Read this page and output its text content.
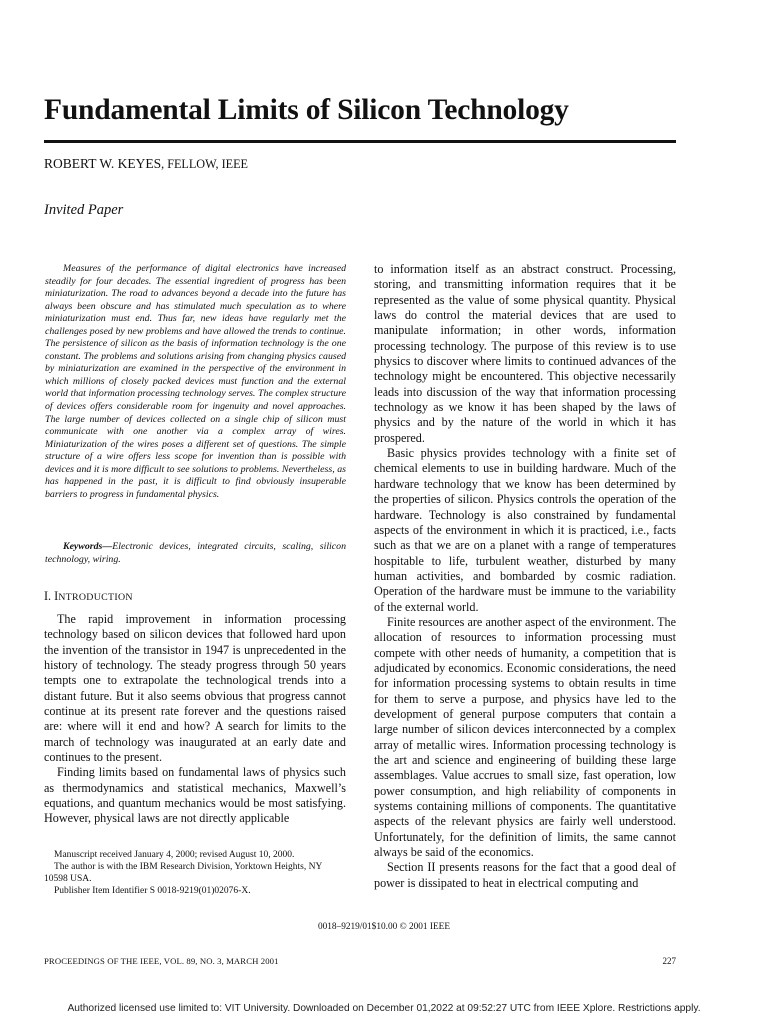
Fundamental Limits of Silicon Technology
ROBERT W. KEYES, FELLOW, IEEE
Invited Paper

Measures of the performance of digital electronics have increased steadily for four decades. The essential ingredient of progress has been miniaturization. The road to advances beyond a decade into the future has always been obscure and has stimulated much speculation as to where miniaturization must end. Thus far, new ideas have regularly met the challenges posed by new problems and have allowed the trends to continue. The persistence of silicon as the basis of information technology is the one constant. The problems and solutions arising from changing physics caused by miniaturization are examined in the perspective of the environment in which millions of closely packed devices must function and the external world that information processing technology serves. The complex structure of devices offers considerable room for ingenuity and novel approaches. The large number of devices collected on a single chip of silicon must communicate with one another via a complex array of wires. Miniaturization of the wires poses a different set of questions. The simple structure of a wire offers less scope for invention than is possible with devices and it is more difficult to see solutions to problems. Nevertheless, as has happened in the past, it is difficult to find obviously insuperable barriers to progress in fundamental physics.

Keywords—Electronic devices, integrated circuits, scaling, silicon technology, wiring.

I. INTRODUCTION

The rapid improvement in information processing technology based on silicon devices that followed hard upon the invention of the transistor in 1947 is unprecedented in the history of technology. The steady progress through 50 years tempts one to extrapolate the technological trends into a distant future. But it also seems obvious that progress cannot continue at its present rate forever and the questions raised are: where will it end and how? A search for limits to the march of technology was inaugurated at an early date and continues to the present.

Finding limits based on fundamental laws of physics such as thermodynamics and statistical mechanics, Maxwell’s equations, and quantum mechanics would be most satisfying. However, physical laws are not directly applicable

to information itself as an abstract construct. Processing, storing, and transmitting information requires that it be represented as the value of some physical quantity. Physical laws do control the material devices that are used to manipulate information; in other words, information processing technology. The purpose of this review is to use physics to discover where limits to continued advances of the technology might be encountered. This objective necessarily leads into discussion of the way that information processing technology as we know it has been shaped by the laws of physics and by the nature of the world in which it has prospered.

Basic physics provides technology with a finite set of chemical elements to use in building hardware. Much of the hardware technology that we know has been determined by the properties of silicon. Physics controls the operation of the hardware. Technology is also constrained by fundamental aspects of the environment in which it is practiced, i.e., facts such as that we are on a planet with a range of temperatures hospitable to life, turbulent weather, disturbed by many human activities, and bombarded by cosmic radiation. Operation of the hardware must be immune to the variability of the external world.

Finite resources are another aspect of the environment. The allocation of resources to information processing must compete with other needs of humanity, a competition that is adjudicated by economics. Economic considerations, the need for information processing systems to obtain results in time for them to serve a purpose, and physics have led to the development of general purpose computers that contain a large number of silicon devices interconnected by a complex array of metallic wires. Information processing technology is the art and science and engineering of building these large assemblages. Value accrues to small size, fast operation, low power consumption, and high reliability of components in systems containing millions of components. The quantitative aspects of the relevant physics are fairly well understood. Unfortunately, for the definition of limits, the same cannot always be said of the economics.

Section II presents reasons for the fact that a good deal of power is dissipated to heat in electrical computing and

Manuscript received January 4, 2000; revised August 10, 2000.

The author is with the IBM Research Division, Yorktown Heights, NY 10598 USA.

Publisher Item Identifier S 0018-9219(01)02076-X.

0018–9219/01$10.00 © 2001 IEEE
PROCEEDINGS OF THE IEEE, VOL. 89, NO. 3, MARCH 2001	227
Authorized licensed use limited to: VIT University. Downloaded on December 01,2022 at 09:52:27 UTC from IEEE Xplore. Restrictions apply.
